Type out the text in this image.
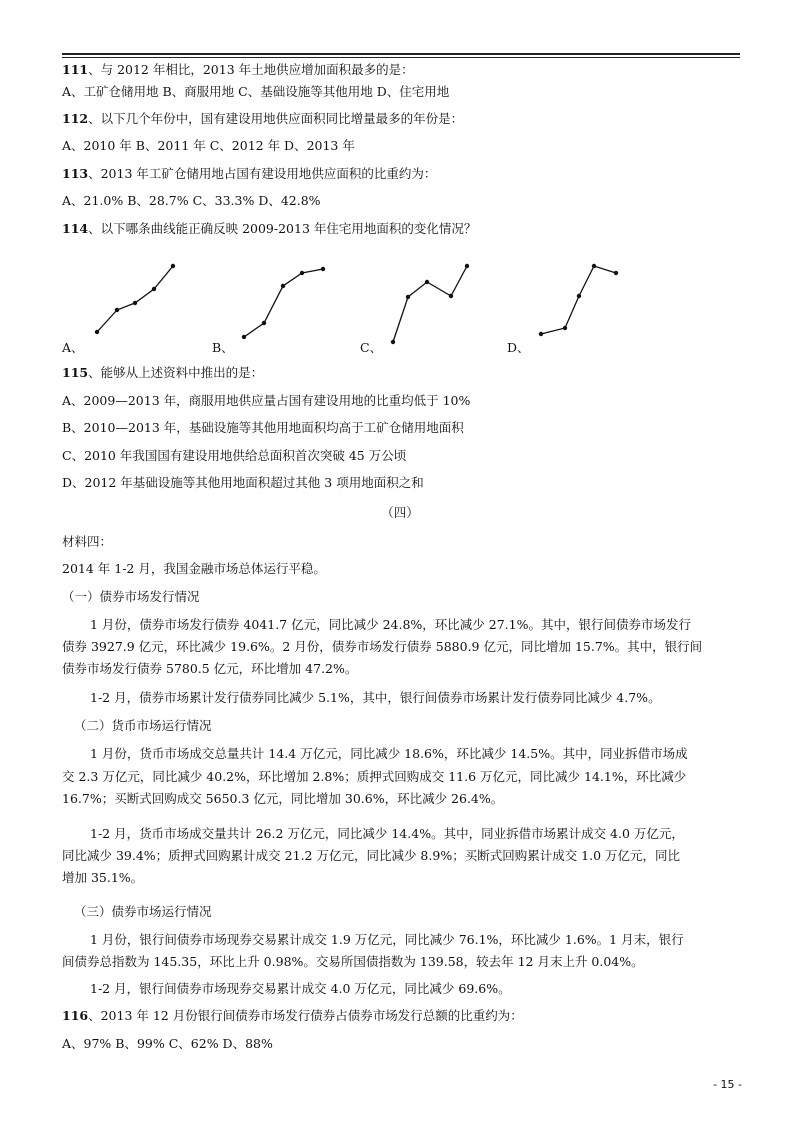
111、与 2012 年相比，2013 年土地供应增加面积最多的是：
A、工矿仓储用地 B、商服用地 C、基础设施等其他用地 D、住宅用地
112、以下几个年份中，国有建设用地供应面积同比增量最多的年份是：
A、2010 年 B、2011 年 C、2012 年 D、2013 年
113、2013 年工矿仓储用地占国有建设用地供应面积的比重约为：
A、21.0% B、28.7% C、33.3% D、42.8%
114、以下哪条曲线能正确反映 2009-2013 年住宅用地面积的变化情况？
A、	B、	C、	D、
115、能够从上述资料中推出的是：
A、2009—2013 年，商服用地供应量占国有建设用地的比重均低于 10%
B、2010—2013 年，基础设施等其他用地面积均高于工矿仓储用地面积
C、2010 年我国国有建设用地供给总面积首次突破 45 万公顷
D、2012 年基础设施等其他用地面积超过其他 3 项用地面积之和
（四）
材料四：
2014 年 1-2 月，我国金融市场总体运行平稳。
（一）债券市场发行情况
1 月份，债券市场发行债券 4041.7 亿元，同比减少 24.8%，环比减少 27.1%。其中，银行间债券市场发行
债券 3927.9 亿元，环比减少 19.6%。2 月份，债券市场发行债券 5880.9 亿元，同比增加 15.7%。其中，银行间
债券市场发行债券 5780.5 亿元，环比增加 47.2%。
1-2 月，债券市场累计发行债券同比减少 5.1%，其中，银行间债券市场累计发行债券同比减少 4.7%。
（二）货币市场运行情况
1 月份，货币市场成交总量共计 14.4 万亿元，同比减少 18.6%，环比减少 14.5%。其中，同业拆借市场成
交 2.3 万亿元，同比减少 40.2%，环比增加 2.8%；质押式回购成交 11.6 万亿元，同比减少 14.1%，环比减少
16.7%；买断式回购成交 5650.3 亿元，同比增加 30.6%，环比减少 26.4%。
1-2 月，货币市场成交量共计 26.2 万亿元，同比减少 14.4%。其中，同业拆借市场累计成交 4.0 万亿元，
同比减少 39.4%；质押式回购累计成交 21.2 万亿元，同比减少 8.9%；买断式回购累计成交 1.0 万亿元，同比
增加 35.1%。
（三）债券市场运行情况
1 月份，银行间债券市场现券交易累计成交 1.9 万亿元，同比减少 76.1%，环比减少 1.6%。1 月末，银行
间债券总指数为 145.35，环比上升 0.98%。交易所国债指数为 139.58，较去年 12 月末上升 0.04%。
1-2 月，银行间债券市场现券交易累计成交 4.0 万亿元，同比减少 69.6%。
116、2013 年 12 月份银行间债券市场发行债券占债券市场发行总额的比重约为：
A、97% B、99% C、62% D、88%
- 15 -
